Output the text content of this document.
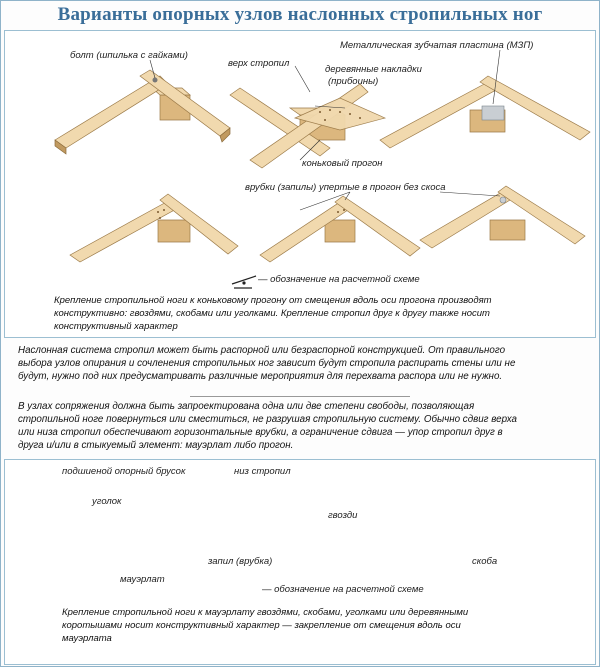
Варианты опорных узлов наслонных стропильных ног
болт (шпилька с гайками)
верх стропил
Металлическая зубчатая пластина (МЗП)
деревянные накладки
(прибоины)
коньковый прогон
врубки (запилы) упертые в прогон без скоса
— обозначение на расчетной схеме
Крепление стропильной ноги к коньковому прогону от смещения вдоль оси прогона производят
конструктивно: гвоздями, скобами или уголками. Крепление стропил друг к другу также носит
конструктивный характер
Наслонная система стропил может быть распорной или безраспорной конструкцией. От правильного
выбора узлов опирания и сочленения стропильных ног зависит будут стропила распирать стены или не
будут, нужно под них предусматривать различные мероприятия для перехвата распора или не нужно.
В узлах сопряжения должна быть запроектирована одна или две степени свободы, позволяющая
стропильной ноге повернуться или сместиться, не разрушая стропильную систему. Обычно сдвиг верха
или низа стропил обеспечивают горизонтальные врубки, а ограничение сдвига — упор стропил друг в
друга и/или в стыкуемый элемент: мауэрлат либо прогон.
подшиеной опорный брусок	низ стропил
уголок
гвозди
запил (врубка)
мауэрлат
скоба
— обозначение на расчетной схеме
Крепление стропильной ноги к мауэрлату гвоздями, скобами, уголками или деревянными
коротышами носит конструктивный характер — закрепление от смещения вдоль оси
мауэрлата
